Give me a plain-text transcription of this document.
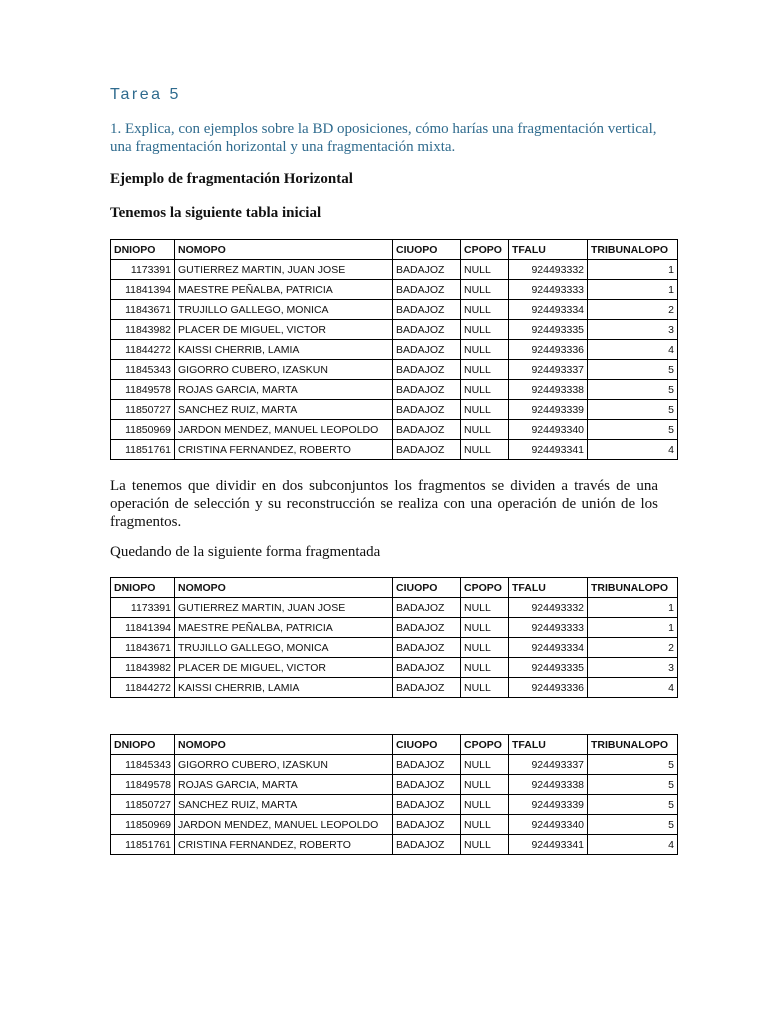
Tarea 5
1. Explica, con ejemplos sobre la BD oposiciones, cómo harías una fragmentación vertical, una fragmentación horizontal y una fragmentación mixta.
Ejemplo de fragmentación Horizontal
Tenemos la siguiente tabla inicial
DNIOPO	NOMOPO	CIUOPO	CPOPO	TFALU	TRIBUNALOPO
1173391	GUTIERREZ MARTIN, JUAN JOSE	BADAJOZ	NULL	924493332	1
11841394	MAESTRE PEÑALBA, PATRICIA	BADAJOZ	NULL	924493333	1
11843671	TRUJILLO GALLEGO, MONICA	BADAJOZ	NULL	924493334	2
11843982	PLACER DE MIGUEL, VICTOR	BADAJOZ	NULL	924493335	3
11844272	KAISSI CHERRIB, LAMIA	BADAJOZ	NULL	924493336	4
11845343	GIGORRO CUBERO, IZASKUN	BADAJOZ	NULL	924493337	5
11849578	ROJAS GARCIA, MARTA	BADAJOZ	NULL	924493338	5
11850727	SANCHEZ RUIZ, MARTA	BADAJOZ	NULL	924493339	5
11850969	JARDON MENDEZ, MANUEL LEOPOLDO	BADAJOZ	NULL	924493340	5
11851761	CRISTINA FERNANDEZ, ROBERTO	BADAJOZ	NULL	924493341	4
La tenemos que dividir en dos subconjuntos los fragmentos se dividen a través de una operación de selección y su reconstrucción se realiza con una operación de unión de los fragmentos.
Quedando de la siguiente forma fragmentada
DNIOPO	NOMOPO	CIUOPO	CPOPO	TFALU	TRIBUNALOPO
1173391	GUTIERREZ MARTIN, JUAN JOSE	BADAJOZ	NULL	924493332	1
11841394	MAESTRE PEÑALBA, PATRICIA	BADAJOZ	NULL	924493333	1
11843671	TRUJILLO GALLEGO, MONICA	BADAJOZ	NULL	924493334	2
11843982	PLACER DE MIGUEL, VICTOR	BADAJOZ	NULL	924493335	3
11844272	KAISSI CHERRIB, LAMIA	BADAJOZ	NULL	924493336	4
DNIOPO	NOMOPO	CIUOPO	CPOPO	TFALU	TRIBUNALOPO
11845343	GIGORRO CUBERO, IZASKUN	BADAJOZ	NULL	924493337	5
11849578	ROJAS GARCIA, MARTA	BADAJOZ	NULL	924493338	5
11850727	SANCHEZ RUIZ, MARTA	BADAJOZ	NULL	924493339	5
11850969	JARDON MENDEZ, MANUEL LEOPOLDO	BADAJOZ	NULL	924493340	5
11851761	CRISTINA FERNANDEZ, ROBERTO	BADAJOZ	NULL	924493341	4
